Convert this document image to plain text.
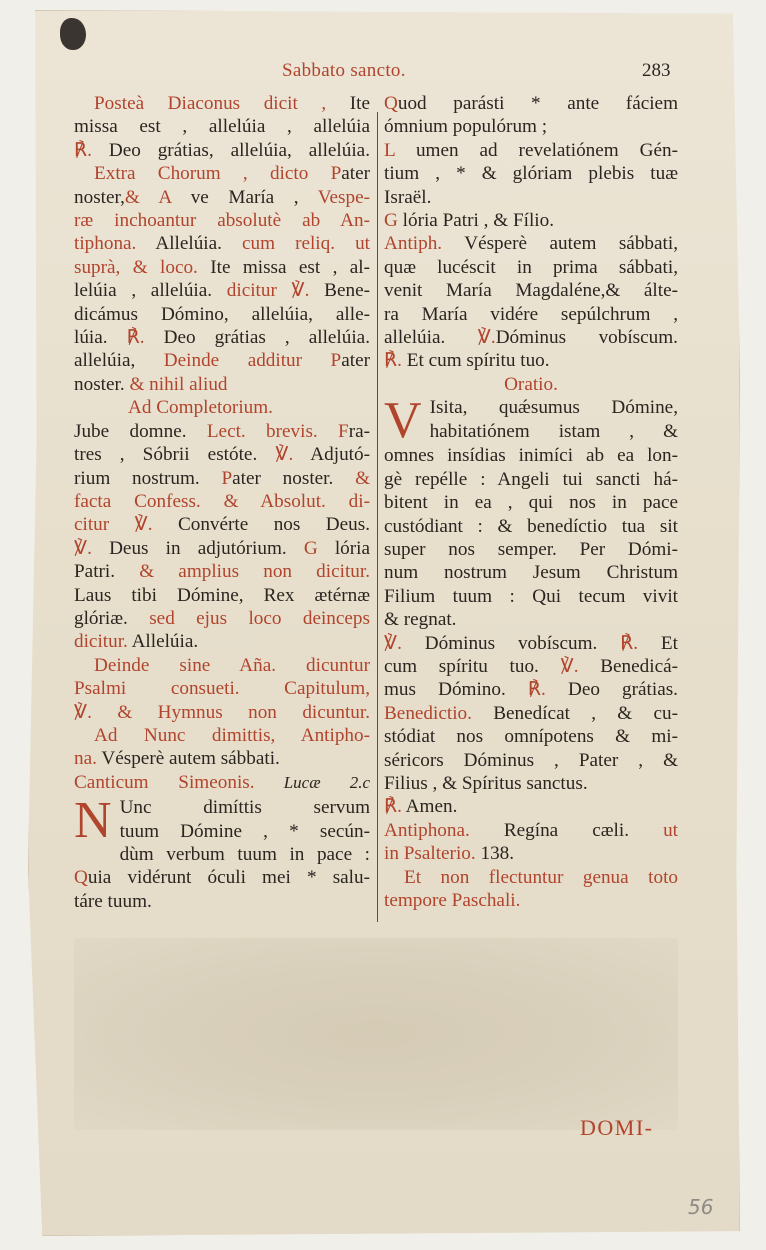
Sabbato sancto.	283
Posteà Diaconus dicit , Ite
missa est , allelúia , allelúia
℟. Deo grátias, allelúia, allelúia.
Extra Chorum , dicto Pater
noster,& A ve María , Vespe-
ræ inchoantur absolutè ab An-
tiphona. Allelúia. cum reliq. ut
suprà, & loco. Ite missa est , al-
lelúia , allelúia. dicitur ℣. Bene-
dicámus Dómino, allelúia, alle-
lúia. ℟. Deo grátias , allelúia.
allelúia, Deinde additur Pater
noster. & nihil aliud
Ad Completorium.
Jube domne. Lect. brevis. Fra-
tres , Sóbrii estóte. ℣. Adjutó-
rium nostrum. Pater noster. &
facta Confess. & Absolut. di-
citur ℣. Convérte nos Deus.
℣. Deus in adjutórium. G lória
Patri. & amplius non dicitur.
Laus tibi Dómine, Rex ætérnæ
glóriæ. sed ejus loco deinceps
dicitur. Allelúia.
Deinde sine Aña. dicuntur
Psalmi consueti. Capitulum,
℣. & Hymnus non dicuntur.
Ad Nunc dimittis, Antipho-
na. Vésperè autem sábbati.
Canticum Simeonis. Lucæ 2.c
N Unc dimíttis servum
tuum Dómine , * secún-
dùm verbum tuum in pace :
Quia vidérunt óculi mei * salu-
táre tuum.
Quod parásti * ante fáciem
ómnium populórum ;
L umen ad revelatiónem Gén-
tium , * & glóriam plebis tuæ
Israël.
G lória Patri , & Fílio.
Antiph. Vésperè autem sábbati,
quæ lucéscit in prima sábbati,
venit María Magdaléne,& álte-
ra María vidére sepúlchrum ,
allelúia. ℣.Dóminus vobíscum.
℟. Et cum spíritu tuo.
Oratio.
V Isita, quǽsumus Dómine,
habitatiónem istam , &
omnes insídias inimíci ab ea lon-
gè repélle : Angeli tui sancti há-
bitent in ea , qui nos in pace
custódiant : & benedíctio tua sit
super nos semper. Per Dómi-
num nostrum Jesum Christum
Filium tuum : Qui tecum vivit
& regnat.
℣. Dóminus vobíscum. ℟. Et
cum spíritu tuo. ℣. Benedicá-
mus Dómino. ℟. Deo grátias.
Benedictio. Benedícat , & cu-
stódiat nos omnípotens & mi-
séricors Dóminus , Pater , &
Filius , & Spíritus sanctus.
℟. Amen.
Antiphona. Regína cæli. ut
in Psalterio. 138.
Et non flectuntur genua toto
tempore Paschali.
DOMI-
56
